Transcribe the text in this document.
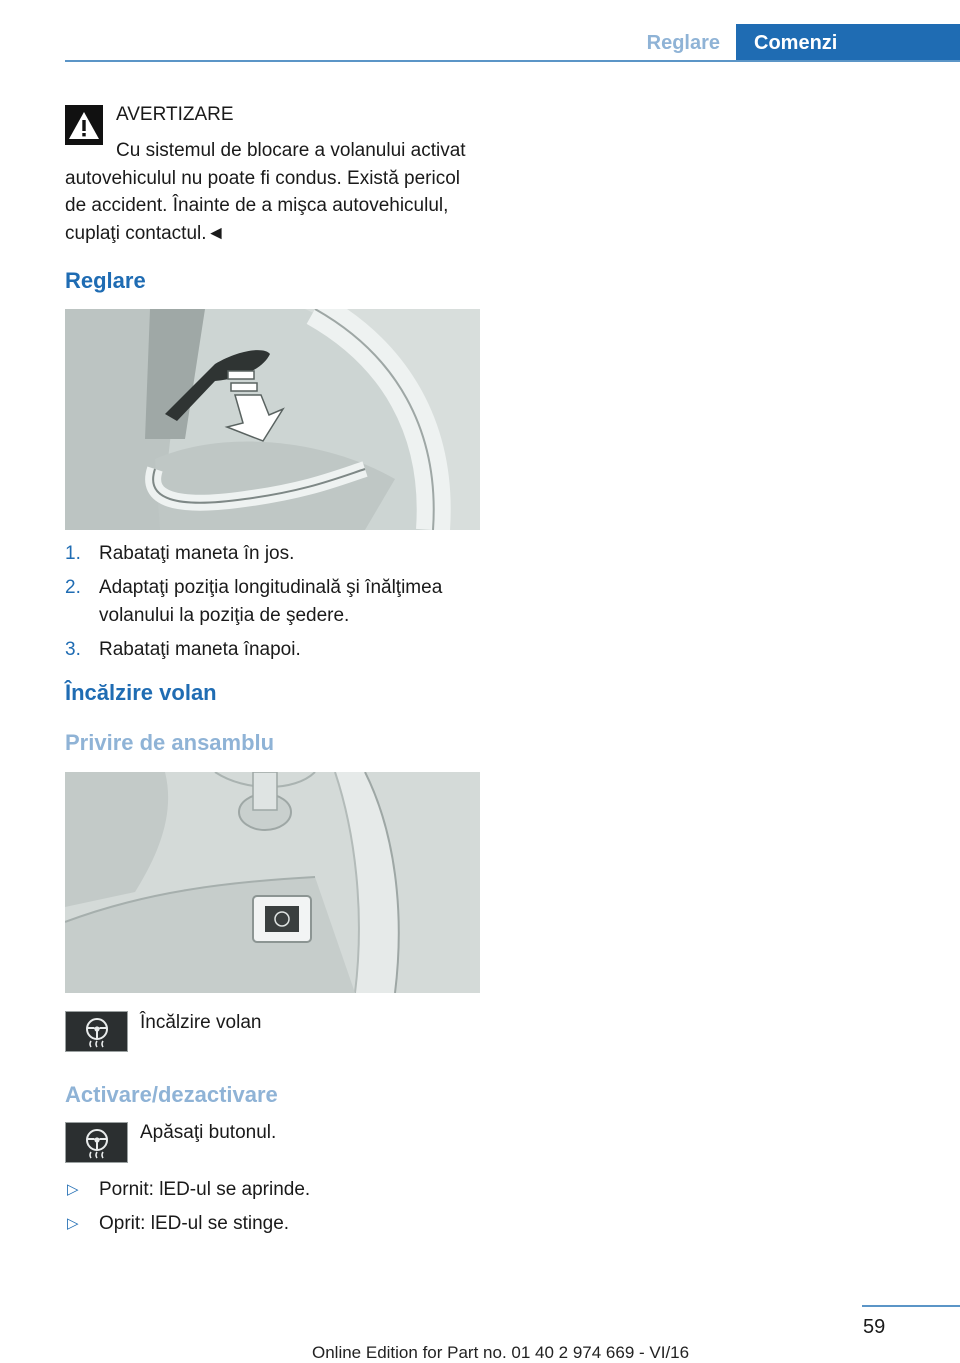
Reglare Comenzi
AVERTIZARE
Cu sistemul de blocare a volanului activat autovehiculul nu poate fi condus. Există pericol de accident. Înainte de a mişca autovehiculul, cuplaţi contactul.◄
Reglare
1. Rabataţi maneta în jos.
2. Adaptaţi poziţia longitudinală şi înălţimea volanului la poziţia de şedere.
3. Rabataţi maneta înapoi.
Încălzire volan
Privire de ansamblu
Încălzire volan
Activare/dezactivare
Apăsaţi butonul.
▷ Pornit: lED-ul se aprinde.
▷ Oprit: lED-ul se stinge.
59
Online Edition for Part no. 01 40 2 974 669 - VI/16
